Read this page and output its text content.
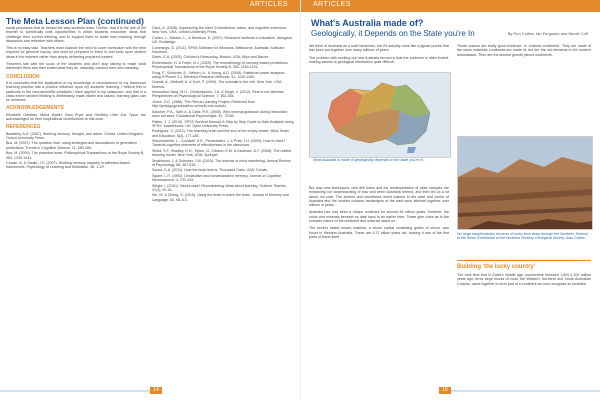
ARTICLES
The Meta Lesson Plan (continued)

social processes that lie behind the way students learn. Further, that it is the role of the teacher to specifically craft opportunities in which students encounter ideas that challenge their current thinking, and to support them to make new meaning through discussion and reflection with others.

This is no easy task. Teachers must balance the need to cover curriculum with the time required for genuine inquiry, and must be prepared to listen to and build upon student ideas in the moment rather than simply delivering prepared content.

'Teachers talk with the souls of the students and don't stop talking to make what interested them and then ended what they do, naturally, conduct their own meaning.'

CONCLUSION

It is concluded that the application of my knowledge of neuroscience to my classroom teaching practice has a positive influence upon my students' learning. I believe this is particular to the neuroscientific principles I have applied in my classroom, and that in a class where student thinking is deliberately made visible and valued, learning gains can be achieved.

ACKNOWLEDGEMENTS

Elizabeth Gardiner, Maria Walter, Sara Pryor and Geoffrey Little Zoe Tyson are acknowledged for their inspirational contributions to this work.

REFERENCES
Baddeley, A.D. (2007). Working memory, thought, and action. Oxford, United Kingdom: Oxford University Press.
Bus, M. (2007). The question lean: using strategies and associations in generation predictions. Trends in Cognitive Science, 11, 280-289.
Bus, M. (2009). The proactive brain. Philosophical Transactions of the Royal Society B, 364, 1235-1243.
Cowan, N. & Saults, J.S. (2007). Working memory capacity in attention-based frameworks. Psychology of Learning and Motivation, 48, 1-29.
Clark, A. (2008). Supersizing the mind: Embodiment, action, and cognitive extension. New York, USA: Oxford University Press.
Cohen, L., Manion, L., & Morrison, K. (2007). Research methods in education. Abingdon, UK: Routledge.
Cummings, G. (2011). SPSS Software for Windows. Melbourne, Australia: Software Solutions.
Davis, G.A. (2003). Children's Reasoning. Boston, USA: Allyn and Bacon.
Eichenbaum, H. & Fortin, N.J. (2009). The neurobiology of memory based predictions. Philosophical Transactions of the Royal Society B, 364, 1183-1191.
Fung, F., Schlicher, E., Seburn, A., & Young, A.D. (2008). Statistical power analyses using G*Power 3.1. Behavior Research Methods, 41, 1149-1160.
Gopnik, A., Meltzoff, A. & Kuhl, P. (1999). The scientist in the crib. New York, USA: Morrow.
Immordino-Yang, M.H., Christodoulou, J.A. & Singh, V. (2012). Rest is not idleness. Perspectives on Psychological Science, 7, 352-364.
Jones, G.D. (1986). The Plexus Learning Project. Retrieved from http://pedagogy.education.unimelb.edu.au/edu.
Kaucher, P.A., Salfi, A. & Clark, R.E. (2006). Why minimal guidance during instruction does not work. Educational Psychologist, 41, 75-86.
Patten, J. J. (2010). SPSS Survival Manual: A Step by Step Guide to Data Analysis Using SPSS. Maidenhead, UK: Open University Press.
Rodriguez, V. (2012). The teaching brain and the end of the empty vessel. Mind, Brain and Education, 6(4), 177-185.
Schuhmacher, L., Goodwill, S.E., Pennebaker, J. & Pratt, J.H. (2009). How to mind? Towards cognitive elements of effectiveness in the classroom.
Sheid, S.F., Bradley, D.H., Tipton, G., Gibson, K.M. & Kaufman, D.F. (2008). The unified learning model. New York, USA: Springer.
Smallwood, J. & Schooler, J.W. (2015). The science of mind wandering. Annual Review of Psychology, 66, 487-518.
Sousa, D.A. (2011). How the brain learns. Thousand Oaks, USA: Corwin.
Squire, L.R. (1992). Declarative and nondeclarative memory. Journal of Cognitive Neuroscience, 4, 232-243.
Wright, I. (2010). Tabula rasa? Reconsidering ideas about learning. Science Teacher, 47(4), 40-44.
Wu, M. & Cheng, S. (2015). Using the brain to teach the brain. Journal of Memory and Language, 84, 98-113.
14
ARTICLES
What's Australia made of?
Geologically, it Depends on the State you're In	By Ron Collins, Ian Ferguson and Nicole Cuff

We think of Australia as a solid landmass, but it's actually more like a jigsaw puzzle that has been put together over many millions of years.

The problem with working out how Australia formed is that the evidence is often buried, making access to geological information quite difficult.

These cratons are really good evidence, or 'cratonic continents'. They are made of the same materials continents are made of, but are the old elements in the modern landmasses. Then are the ancient growth pieces continents.

What Australia is made of geologically depends on the state you're in.
Six large early/evolution terraces of rocks from deep through the Northern Territory in the Snow Continental of the Northern Territory Geological Survey, Alan Collins.

But now new techniques, new drill holes and the reinterpretation of older samples are enhancing our understanding of how and when Australia formed, and then tell us a lot about our past. The ancient and sometimes weird cratons in the west and centre of Australia and the sunken volcanic landscapes of the east were stitched together over billions of years.

Australia has only been a unique continent for around 45 million years. However, the rocks and minerals beneath us date back to an earlier time. These give clues as to the complex nature of the continent and what we stand on.

The world's oldest known material, a zircon crystal containing grains of zircon, was found in Western Australia. These are 4.37 billion years old, making it one of the first parts of Earth itself.

Building 'the lucky country'

The next time that in Earth's middle age, somewhere between 1,800-1,300 million years ago, three large blocks of crust, the Western, Northern and South Australian Cratons, came together to form part of a continent we now recognise as Australia.

15
